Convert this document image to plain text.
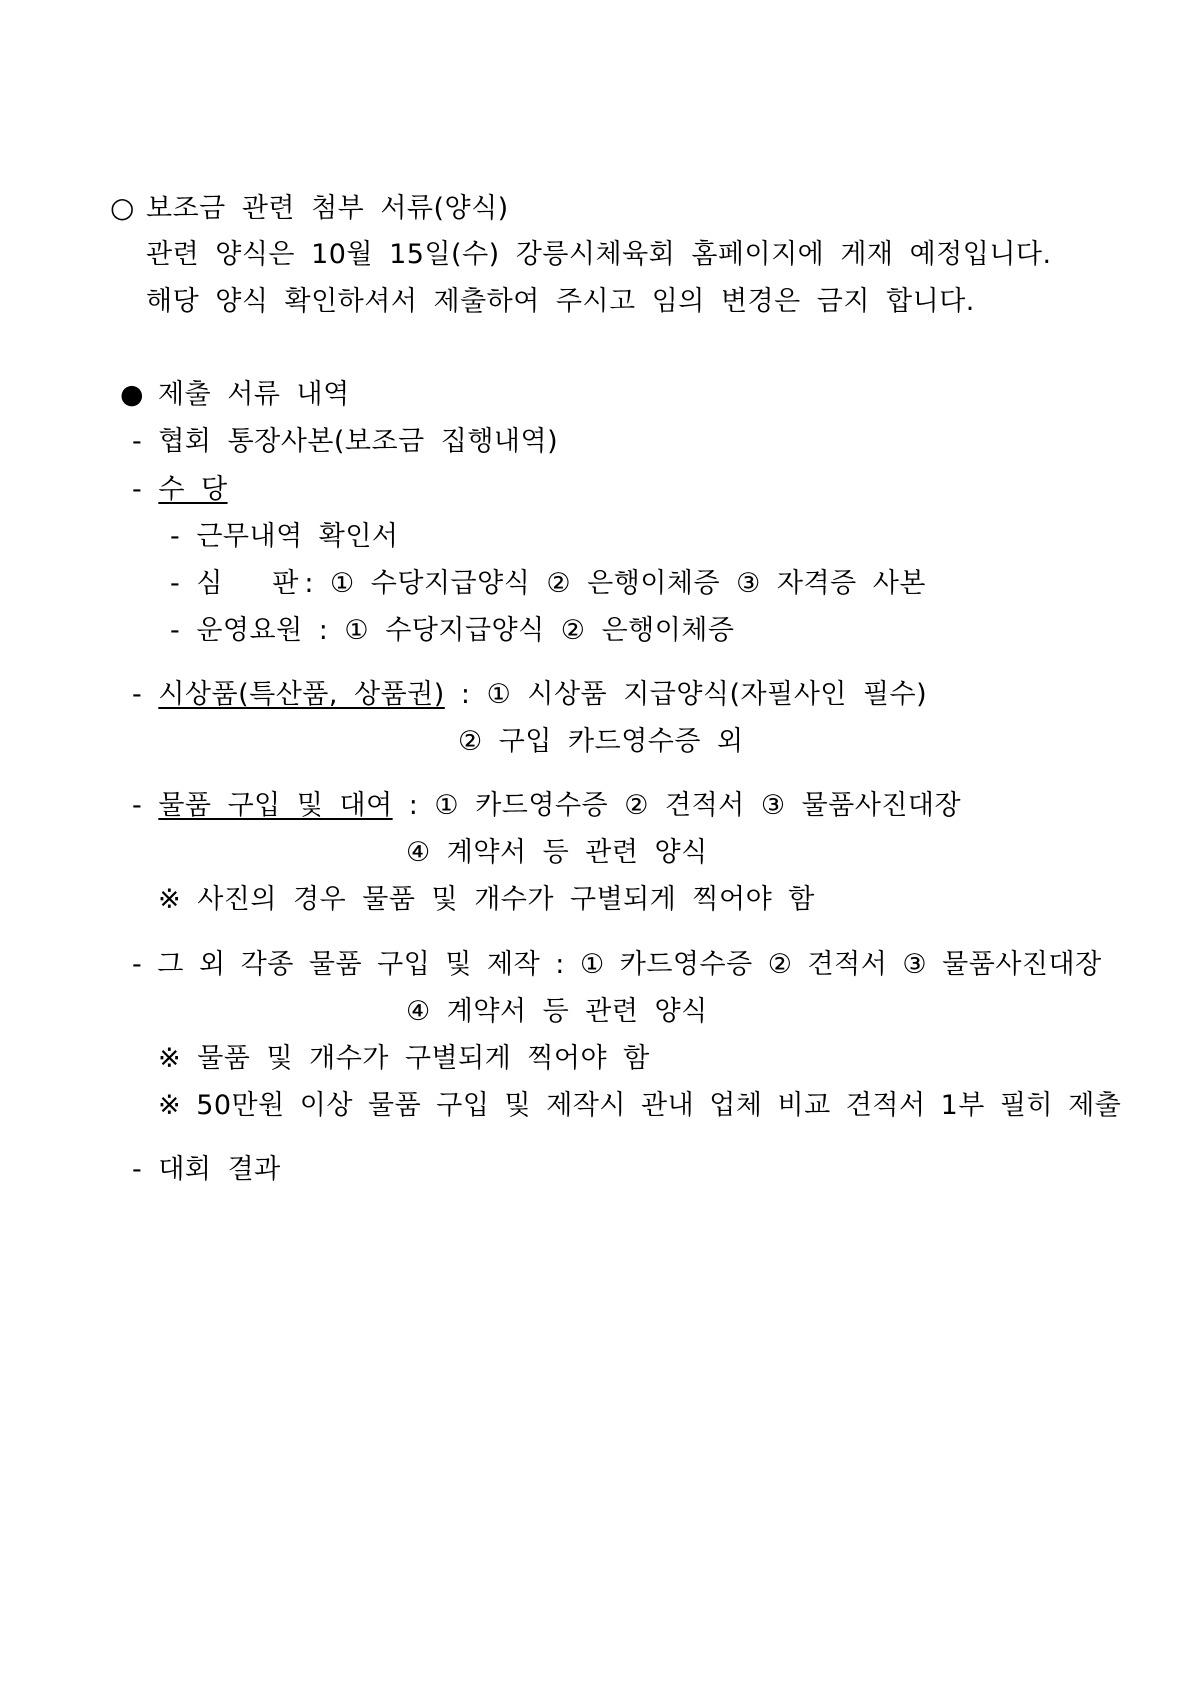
○ 보조금 관련 첨부 서류(양식)
관련 양식은 10월 15일(수) 강릉시체육회 홈페이지에 게재 예정입니다.
해당 양식 확인하셔서 제출하여 주시고 임의 변경은 금지 합니다.
● 제출 서류 내역
- 협회 통장사본(보조금 집행내역)
- 수 당
- 근무내역 확인서
- 심 판 : ① 수당지급양식 ② 은행이체증 ③ 자격증 사본
- 운영요원 : ① 수당지급양식 ② 은행이체증
- 시상품(특산품, 상품권) : ① 시상품 지급양식(자필사인 필수)
② 구입 카드영수증 외
- 물품 구입 및 대여 : ① 카드영수증 ② 견적서 ③ 물품사진대장
④ 계약서 등 관련 양식
※ 사진의 경우 물품 및 개수가 구별되게 찍어야 함
- 그 외 각종 물품 구입 및 제작 : ① 카드영수증 ② 견적서 ③ 물품사진대장
④ 계약서 등 관련 양식
※ 물품 및 개수가 구별되게 찍어야 함
※ 50만원 이상 물품 구입 및 제작시 관내 업체 비교 견적서 1부 필히 제출
- 대회 결과
